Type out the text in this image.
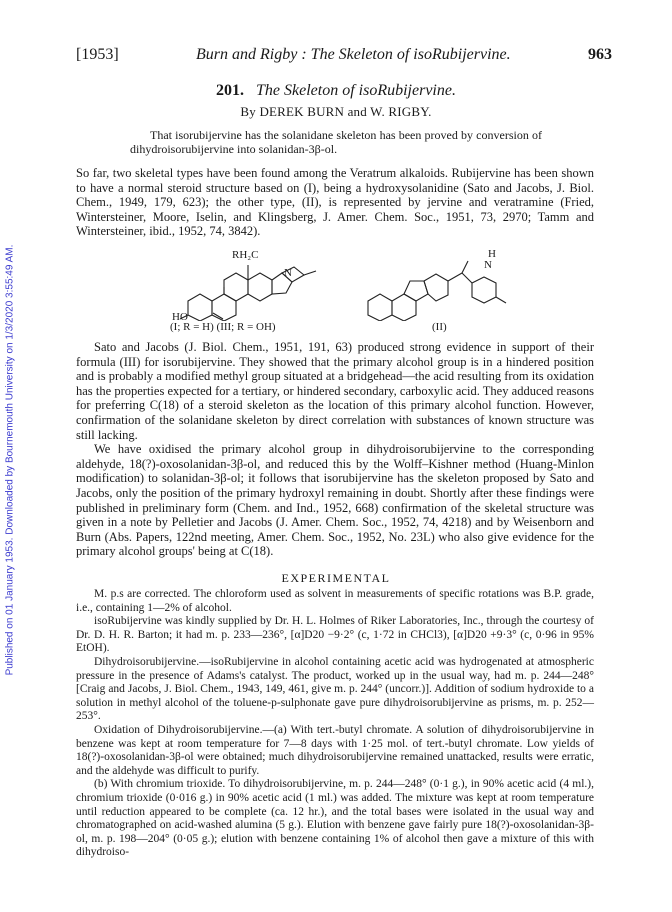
Published on 01 January 1953. Downloaded by Bournemouth University on 1/3/2020 3:55:49 AM.
[1953]	Burn and Rigby : The Skeleton of isoRubijervine.	963
201. The Skeleton of isoRubijervine.
By DEREK BURN and W. RIGBY.
That isorubijervine has the solanidane skeleton has been proved by conversion of dihydroisorubijervine into solanidan-3β-ol.

So far, two skeletal types have been found among the Veratrum alkaloids. Rubijervine has been shown to have a normal steroid structure based on (I), being a hydroxysolanidine (Sato and Jacobs, J. Biol. Chem., 1949, 179, 623); the other type, (II), is represented by jervine and veratramine (Fried, Wintersteiner, Moore, Iselin, and Klingsberg, J. Amer. Chem. Soc., 1951, 73, 2970; Tamm and Wintersteiner, ibid., 1952, 74, 3842).

RH₂C
HO
N
H
N
(I; R = H) (III; R = OH)	(II)

Sato and Jacobs (J. Biol. Chem., 1951, 191, 63) produced strong evidence in support of their formula (III) for isorubijervine. They showed that the primary alcohol group is in a hindered position and is probably a modified methyl group situated at a bridgehead—the acid resulting from its oxidation has the properties expected for a tertiary, or hindered secondary, carboxylic acid. They adduced reasons for preferring C(18) of a steroid skeleton as the location of this primary alcohol function. However, confirmation of the solanidane skeleton by direct correlation with substances of known structure was still lacking.

We have oxidised the primary alcohol group in dihydroisorubijervine to the corresponding aldehyde, 18(?)-oxosolanidan-3β-ol, and reduced this by the Wolff–Kishner method (Huang-Minlon modification) to solanidan-3β-ol; it follows that isorubijervine has the skeleton proposed by Sato and Jacobs, only the position of the primary hydroxyl remaining in doubt. Shortly after these findings were published in preliminary form (Chem. and Ind., 1952, 668) confirmation of the skeletal structure was given in a note by Pelletier and Jacobs (J. Amer. Chem. Soc., 1952, 74, 4218) and by Weisenborn and Burn (Abs. Papers, 122nd meeting, Amer. Chem. Soc., 1952, No. 23L) who also give evidence for the primary alcohol groups' being at C(18).

EXPERIMENTAL

M. p.s are corrected. The chloroform used as solvent in measurements of specific rotations was B.P. grade, i.e., containing 1—2% of alcohol.

isoRubijervine was kindly supplied by Dr. H. L. Holmes of Riker Laboratories, Inc., through the courtesy of Dr. D. H. R. Barton; it had m. p. 233—236°, [α]D20 −9·2° (c, 1·72 in CHCl3), [α]D20 +9·3° (c, 0·96 in 95% EtOH).

Dihydroisorubijervine.—isoRubijervine in alcohol containing acetic acid was hydrogenated at atmospheric pressure in the presence of Adams's catalyst. The product, worked up in the usual way, had m. p. 244—248° [Craig and Jacobs, J. Biol. Chem., 1943, 149, 461, give m. p. 244° (uncorr.)]. Addition of sodium hydroxide to a solution in methyl alcohol of the toluene-p-sulphonate gave pure dihydroisorubijervine as prisms, m. p. 252—253°.

Oxidation of Dihydroisorubijervine.—(a) With tert.-butyl chromate. A solution of dihydroisorubijervine in benzene was kept at room temperature for 7—8 days with 1·25 mol. of tert.-butyl chromate. Low yields of 18(?)-oxosolanidan-3β-ol were obtained; much dihydroisorubijervine remained unattacked, results were erratic, and the aldehyde was difficult to purify.

(b) With chromium trioxide. To dihydroisorubijervine, m. p. 244—248° (0·1 g.), in 90% acetic acid (4 ml.), chromium trioxide (0·016 g.) in 90% acetic acid (1 ml.) was added. The mixture was kept at room temperature until reduction appeared to be complete (ca. 12 hr.), and the total bases were isolated in the usual way and chromatographed on acid-washed alumina (5 g.). Elution with benzene gave fairly pure 18(?)-oxosolanidan-3β-ol, m. p. 198—204° (0·05 g.); elution with benzene containing 1% of alcohol then gave a mixture of this with dihydroiso-
